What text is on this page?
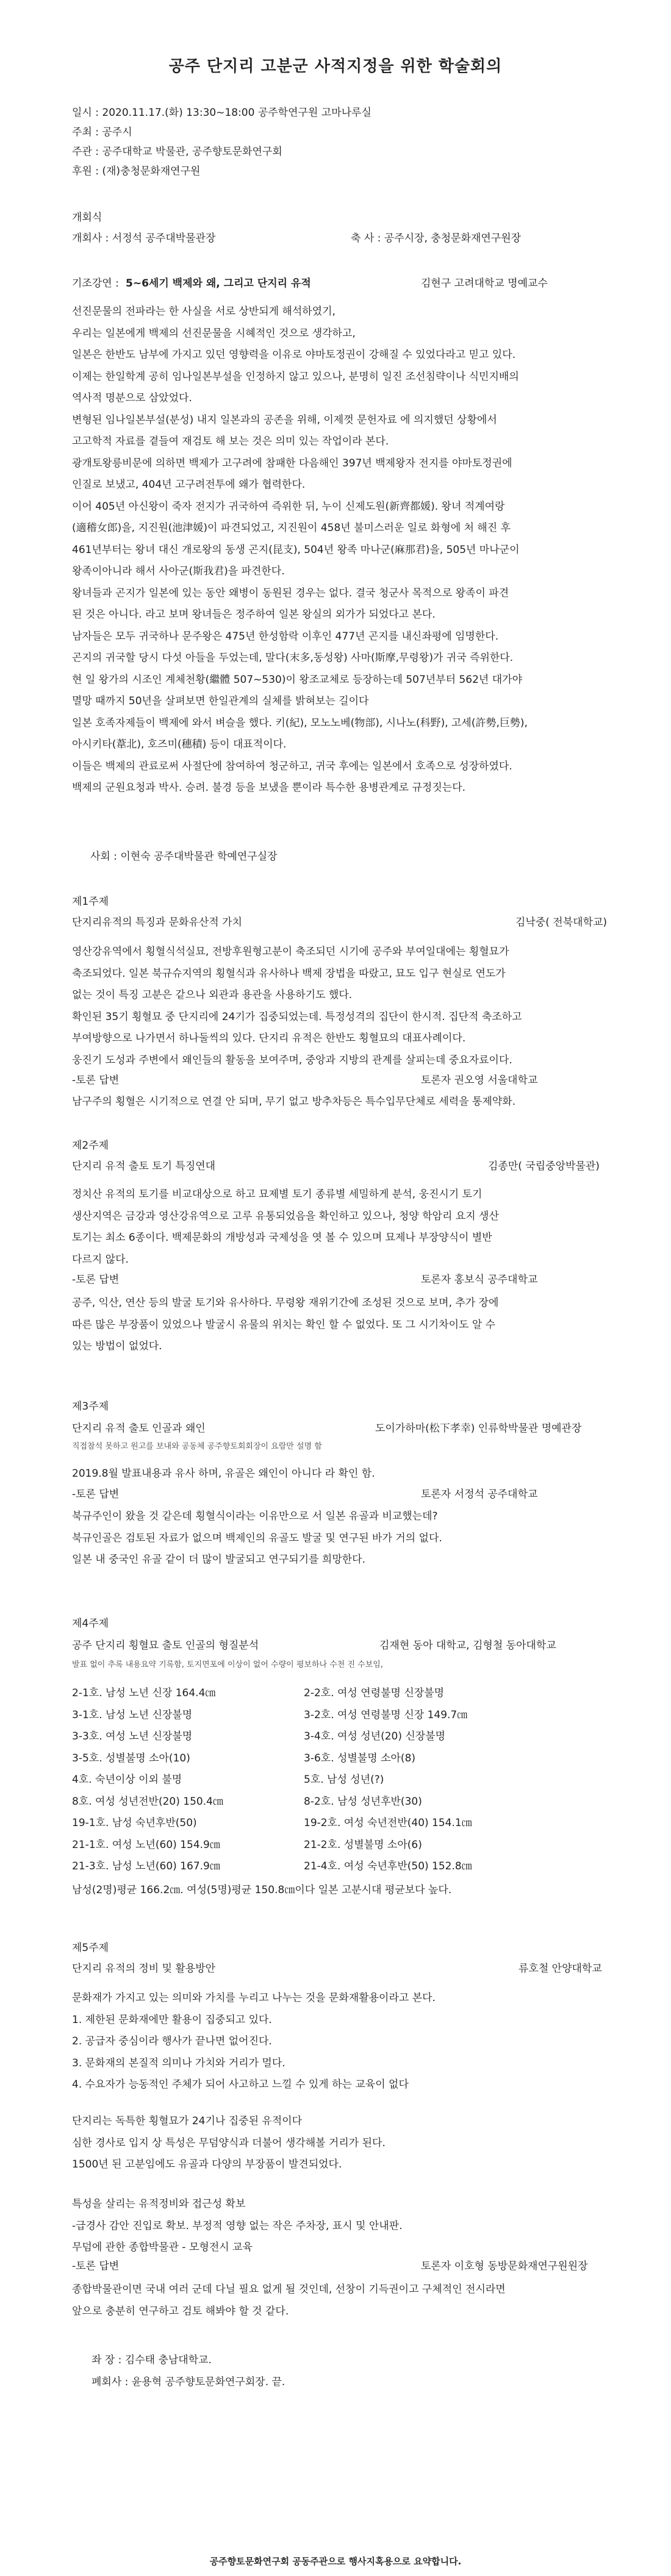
공주 단지리 고분군 사적지정을 위한 학술회의
일시 : 2020.11.17.(화) 13:30~18:00 공주학연구원 고마나루실
주최 : 공주시
주관 : 공주대학교 박물관, 공주향토문화연구회
후원 : (재)충청문화재연구원
개회식
개회사 : 서정석 공주대박물관장	축 사 : 공주시장, 충청문화재연구원장
기조강연 : 5~6세기 백제와 왜, 그리고 단지리 유적	김현구 고려대학교 명예교수
선진문물의 전파라는 한 사실을 서로 상반되게 해석하였기,
우리는 일본에게 백제의 선진문물을 시혜적인 것으로 생각하고,
일본은 한반도 남부에 가지고 있던 영향력을 이유로 야마토정권이 강해질 수 있었다라고 믿고 있다.
이제는 한일학계 공히 임나일본부설을 인정하지 않고 있으나, 분명히 일진 조선침략이나 식민지배의
역사적 명분으로 삼았었다.
변형된 임나일본부설(분성) 내지 일본과의 공존을 위해, 이제껏 문헌자료 에 의지했던 상황에서
고고학적 자료를 곁들여 재검토 해 보는 것은 의미 있는 작업이라 본다.
광개토왕릉비문에 의하면 백제가 고구려에 참패한 다음해인 397년 백제왕자 전지를 야마토정권에
인질로 보냈고, 404년 고구려전투에 왜가 협력한다.
이어 405년 아신왕이 죽자 전지가 귀국하여 즉위한 뒤, 누이 신제도원(新齊都媛). 왕녀 적계여랑
(適稽女郎)을, 지진원(池津媛)이 파견되었고, 지진원이 458년 불미스러운 일로 화형에 처 해진 후
461년부터는 왕녀 대신 개로왕의 동생 곤지(昆支), 504년 왕족 마나군(麻那君)을, 505년 마나군이
왕족이아니라 해서 사아군(斯我君)을 파견한다.
왕녀들과 곤지가 일본에 있는 동안 왜병이 동원된 경우는 없다. 결국 청군사 목적으로 왕족이 파견
된 것은 아니다. 라고 보며 왕녀들은 정주하여 일본 왕실의 외가가 되었다고 본다.
남자들은 모두 귀국하나 문주왕은 475년 한성함락 이후인 477년 곤지를 내신좌평에 임명한다.
곤지의 귀국할 당시 다섯 아들을 두었는데, 말다(末多,동성왕) 사마(斯摩,무령왕)가 귀국 즉위한다.
현 일 왕가의 시조인 계체천황(繼體 507~530)이 왕조교체로 등장하는데 507년부터 562년 대가야
멸망 때까지 50년을 살펴보면 한일관계의 실체를 밝혀보는 길이다
일본 호족자제들이 백제에 와서 벼슬을 했다. 키(紀), 모노노베(物部), 시나노(科野), 고세(許勢,巨勢),
아시키타(葦北), 호즈미(穗積) 등이 대표적이다.
이들은 백제의 관료로써 사절단에 참여하여 청군하고, 귀국 후에는 일본에서 호족으로 성장하였다.
백제의 군원요청과 박사. 승려. 불경 등을 보냈을 뿐이라 특수한 용병관계로 규정짓는다.
사회 : 이현숙 공주대박물관 학예연구실장
제1주제
단지리유적의 특징과 문화유산적 가치	김낙중( 전북대학교)
영산강유역에서 횡혈식석실묘, 전방후원형고분이 축조되던 시기에 공주와 부여일대에는 횡혈묘가
축조되었다. 일본 북규슈지역의 횡혈식과 유사하나 백제 장법을 따랐고, 묘도 입구 현실로 연도가
없는 것이 특징 고분은 같으나 외관과 용관을 사용하기도 했다.
확인된 35기 횡혈묘 중 단지리에 24기가 집중되었는데. 특정성격의 집단이 한시적. 집단적 축조하고
부여방향으로 나가면서 하나둘씩의 있다. 단지리 유적은 한반도 횡혈묘의 대표사례이다.
웅진기 도성과 주변에서 왜인들의 활동을 보여주며, 중앙과 지방의 관계를 살피는데 중요자료이다.
-토론 답변	토론자 권오영 서울대학교
남구주의 횡혈은 시기적으로 연결 안 되며, 무기 없고 방추차등은 특수입무단체로 세력을 통제약화.
제2주제
단지리 유적 출토 토기 특징연대	김종만( 국립중앙박물관)
정치산 유적의 토기를 비교대상으로 하고 묘제별 토기 종류별 세밀하게 분석, 웅진시기 토기
생산지역은 금강과 영산강유역으로 고루 유통되었음을 확인하고 있으나, 청양 학암리 요지 생산
토기는 최소 6종이다. 백제문화의 개방성과 국제성을 엿 볼 수 있으며 묘제나 부장양식이 별반
다르지 않다.
-토론 답변	토론자 홍보식 공주대학교
공주, 익산, 연산 등의 발굴 토기와 유사하다. 무령왕 재위기간에 조성된 것으로 보며, 추가 장에
따른 많은 부장품이 있었으나 발굴시 유물의 위치는 확인 할 수 없었다. 또 그 시기차이도 알 수
있는 방법이 없었다.
제3주제
단지리 유적 출토 인골과 왜인	도이가하마(松下孝幸) 인류학박물관 명예관장
직접참석 못하고 원고를 보내와 공동체 공주향토회회장이 요람만 설명 함
2019.8월 발표내용과 유사 하며, 유골은 왜인이 아니다 라 확인 함.
-토론 답변	토론자 서정석 공주대학교
북규주인이 왔을 것 같은데 횡혈식이라는 이유만으로 서 일본 유골과 비교했는데?
북규인골은 검토된 자료가 없으며 백제인의 유골도 발굴 및 연구된 바가 거의 없다.
일본 내 중국인 유골 같이 더 많이 발굴되고 연구되기를 희망한다.
제4주제
공주 단지리 횡혈묘 출토 인골의 형질분석	김재현 동아 대학교, 김형철 동아대학교
발표 없이 추록 내용요약 기록함, 토지면포에 이상이 없어 수량이 평보하나 수천 진 수보임,
2-1호. 남성 노년 신장 164.4㎝	2-2호. 여성 연령불명 신장불명
3-1호. 남성 노년 신장불명	3-2호. 여성 연령불명 신장 149.7㎝
3-3호. 여성 노년 신장불명	3-4호. 여성 성년(20) 신장불명
3-5호. 성별불명 소아(10)	3-6호. 성별불명 소아(8)
4호. 숙년이상 이외 불명	5호. 남성 성년(?)
8호. 여성 성년전반(20) 150.4㎝	8-2호. 남성 성년후반(30)
19-1호. 남성 숙년후반(50)	19-2호. 여성 숙년전반(40) 154.1㎝
21-1호. 여성 노년(60) 154.9㎝	21-2호. 성별불명 소아(6)
21-3호. 남성 노년(60) 167.9㎝	21-4호. 여성 숙년후반(50) 152.8㎝
남성(2명)평균 166.2㎝. 여성(5명)평균 150.8㎝이다 일본 고분시대 평균보다 높다.
제5주제
단지리 유적의 정비 및 활용방안	류호철 안양대학교
문화재가 가지고 있는 의미와 가치를 누리고 나누는 것을 문화재활용이라고 본다.
1. 제한된 문화재에만 활용이 집중되고 있다.
2. 공급자 중심이라 행사가 끝나면 없어진다.
3. 문화재의 본질적 의미나 가치와 거리가 멀다.
4. 수요자가 능동적인 주체가 되어 사고하고 느낄 수 있게 하는 교육이 없다
단지리는 독특한 횡혈묘가 24기나 집중된 유적이다
심한 경사로 입지 상 특성은 무덤양식과 더불어 생각해볼 거리가 된다.
1500년 된 고분임에도 유골과 다양의 부장품이 발견되었다.
특성을 살리는 유적정비와 접근성 확보
-급경사 감안 진입로 확보. 부정적 영향 없는 작은 주차장, 표시 및 안내판.
무덤에 관한 종합박물관 - 모형전시 교육
-토론 답변	토론자 이호형 동방문화재연구원원장
종합박물관이면 국내 여러 군데 다닐 필요 없게 될 것인데, 선창이 기득권이고 구체적인 전시라면
앞으로 충분히 연구하고 검토 해봐야 할 것 같다.
좌 장 : 김수태 충남대학교.
폐회사 : 윤용혁 공주향토문화연구회장. 끝.
공주향토문화연구회 공동주관으로 행사지혹용으로 요약합니다.
